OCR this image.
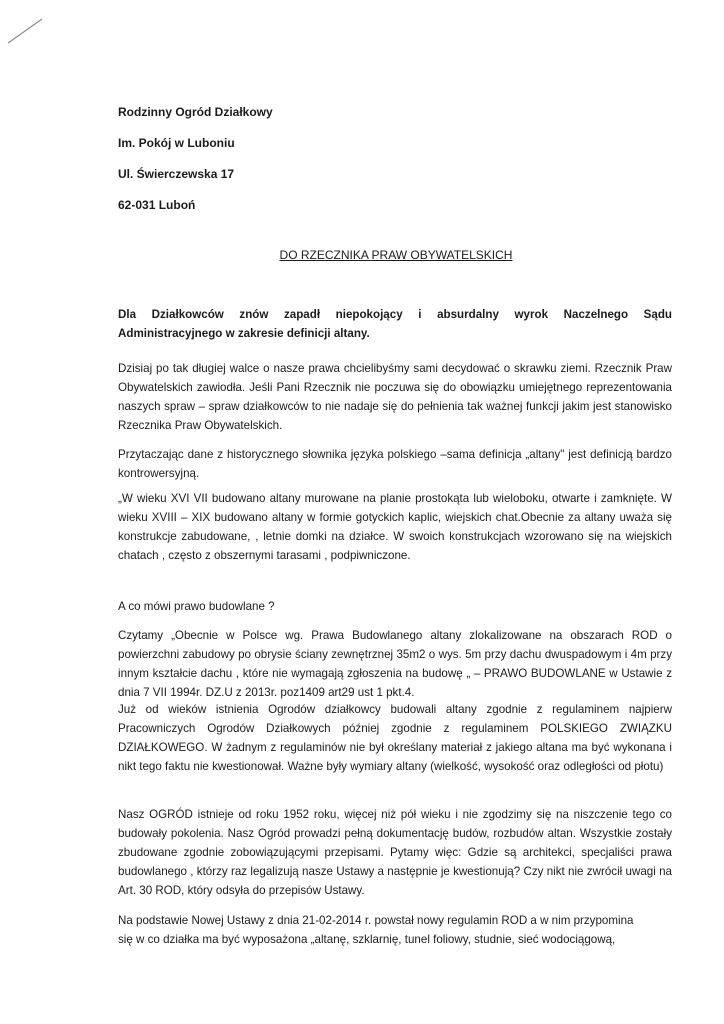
Rodzinny Ogród Działkowy
Im. Pokój w Luboniu
Ul. Świerczewska 17
62-031 Luboń
DO RZECZNIKA PRAW OBYWATELSKICH
Dla Działkowców znów zapadł niepokojący i absurdalny wyrok Naczelnego Sądu
Administracyjnego w zakresie definicji altany.
Dzisiaj po tak długiej walce o nasze prawa chcielibyśmy sami decydować o skrawku ziemi. Rzecznik Praw Obywatelskich zawiodła. Jeśli Pani Rzecznik nie poczuwa się do obowiązku umiejętnego reprezentowania naszych spraw – spraw działkowców to nie nadaje się do pełnienia tak ważnej funkcji jakim jest stanowisko Rzecznika Praw Obywatelskich.
Przytaczając dane z historycznego słownika języka polskiego –sama definicja „altany" jest definicją bardzo kontrowersyjną.
„W wieku XVI VII budowano altany murowane na planie prostokąta lub wieloboku, otwarte i zamknięte. W wieku XVIII – XIX budowano altany w formie gotyckich kaplic, wiejskich chat.Obecnie za altany uważa się konstrukcje zabudowane, , letnie domki na działce. W swoich konstrukcjach wzorowano się na wiejskich chatach , często z obszernymi tarasami , podpiwniczone.
A co mówi prawo budowlane ?
Czytamy „Obecnie w Polsce wg. Prawa Budowlanego altany zlokalizowane na obszarach ROD o powierzchni zabudowy po obrysie ściany zewnętrznej 35m2 o wys. 5m przy dachu dwuspadowym i 4m przy innym kształcie dachu , które nie wymagają zgłoszenia na budowę „ – PRAWO BUDOWLANE w Ustawie z dnia 7 VII 1994r. DZ.U z 2013r. poz1409 art29 ust 1 pkt.4.
Już od wieków istnienia Ogrodów działkowcy budowali altany zgodnie z regulaminem najpierw Pracowniczych Ogrodów Działkowych później zgodnie z regulaminem POLSKIEGO ZWIĄZKU DZIAŁKOWEGO. W żadnym z regulaminów nie był określany materiał z jakiego altana ma być wykonana i nikt tego faktu nie kwestionował. Ważne były wymiary altany (wielkość, wysokość oraz odległości od płotu)
Nasz OGRÓD istnieje od roku 1952 roku, więcej niż pół wieku i nie zgodzimy się na niszczenie tego co budowały pokolenia. Nasz Ogród prowadzi pełną dokumentację budów, rozbudów altan. Wszystkie zostały zbudowane zgodnie zobowiązującymi przepisami. Pytamy więc: Gdzie są architekci, specjaliści prawa budowlanego , którzy raz legalizują nasze Ustawy a następnie je kwestionują? Czy nikt nie zwrócił uwagi na Art. 30 ROD, który odsyła do przepisów Ustawy.
Na podstawie Nowej Ustawy z dnia 21-02-2014 r. powstał nowy regulamin ROD a w nim przypomina
się w co działka ma być wyposażona „altanę, szklarnię, tunel foliowy, studnie, sieć wodociągową,
